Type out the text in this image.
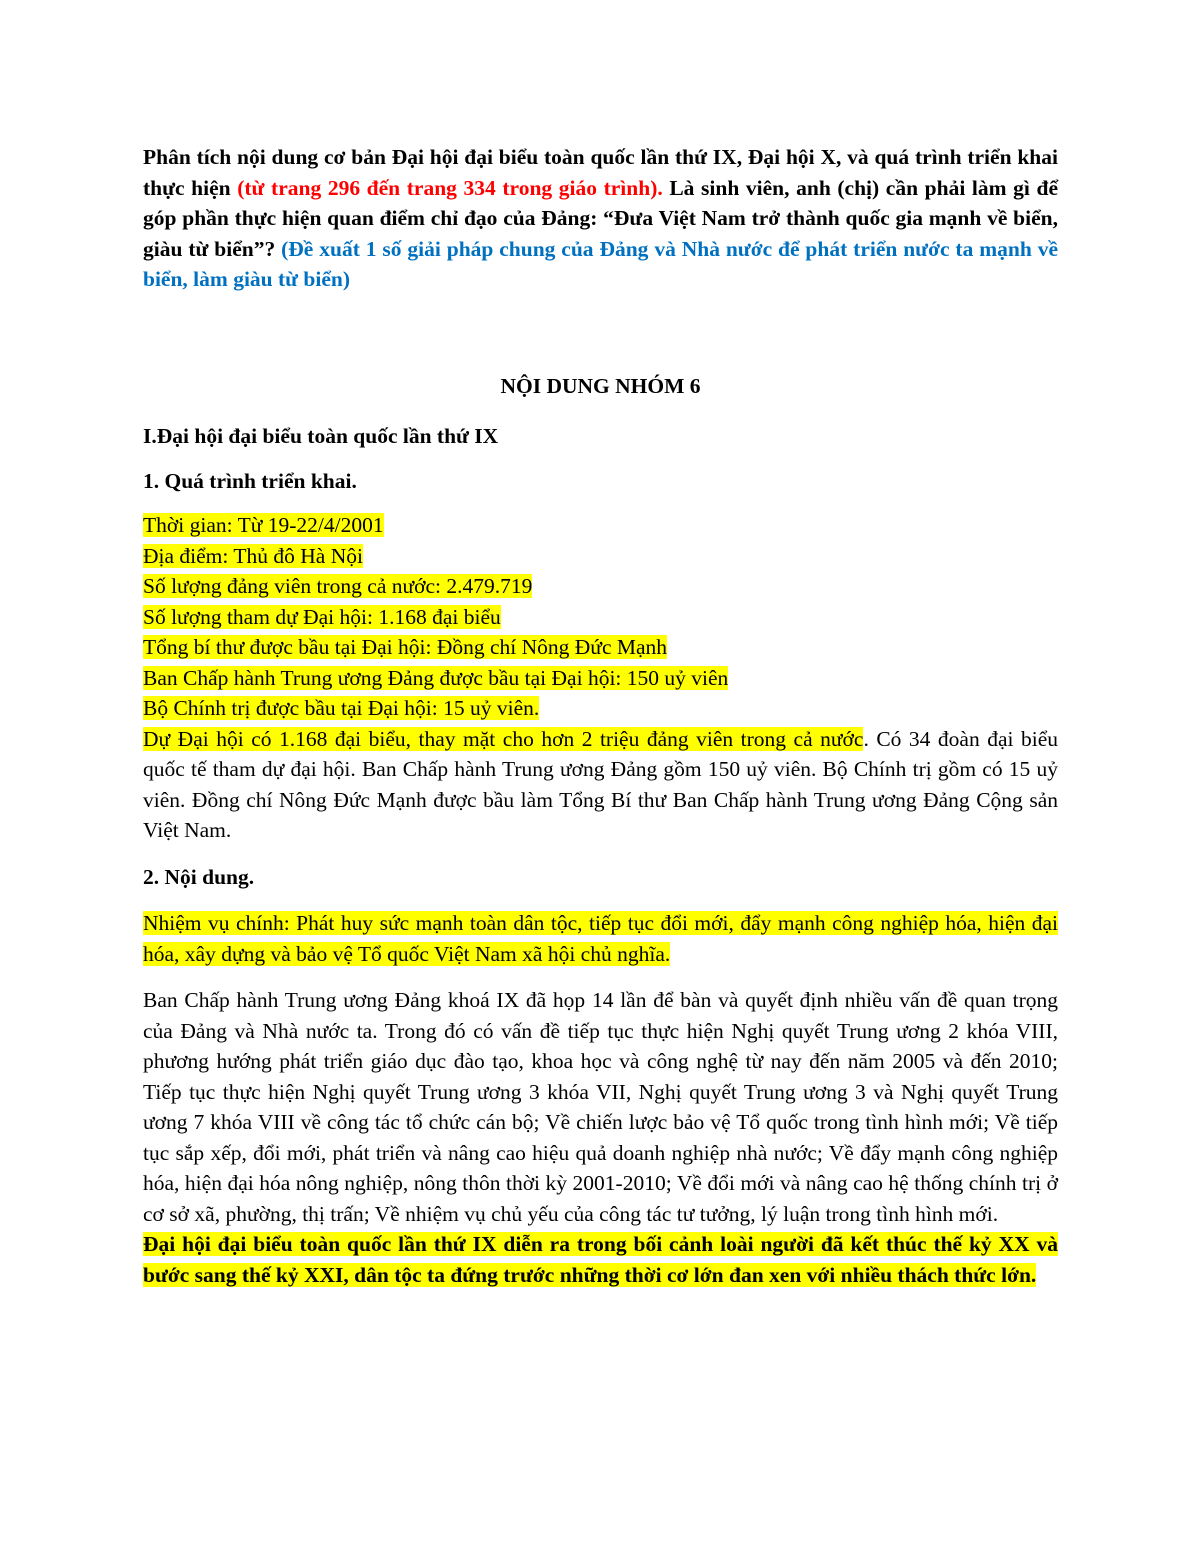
Phân tích nội dung cơ bản Đại hội đại biểu toàn quốc lần thứ IX, Đại hội X, và quá trình triển khai thực hiện (từ trang 296 đến trang 334 trong giáo trình). Là sinh viên, anh (chị) cần phải làm gì để góp phần thực hiện quan điểm chỉ đạo của Đảng: “Đưa Việt Nam trở thành quốc gia mạnh về biển, giàu từ biển”? (Đề xuất 1 số giải pháp chung của Đảng và Nhà nước để phát triển nước ta mạnh về biển, làm giàu từ biển)

NỘI DUNG NHÓM 6

I.Đại hội đại biểu toàn quốc lần thứ IX

1. Quá trình triển khai.

Thời gian: Từ 19-22/4/2001
Địa điểm: Thủ đô Hà Nội
Số lượng đảng viên trong cả nước: 2.479.719
Số lượng tham dự Đại hội: 1.168 đại biểu
Tổng bí thư được bầu tại Đại hội: Đồng chí Nông Đức Mạnh
Ban Chấp hành Trung ương Đảng được bầu tại Đại hội: 150 uỷ viên
Bộ Chính trị được bầu tại Đại hội: 15 uỷ viên.

Dự Đại hội có 1.168 đại biểu, thay mặt cho hơn 2 triệu đảng viên trong cả nước. Có 34 đoàn đại biểu quốc tế tham dự đại hội. Ban Chấp hành Trung ương Đảng gồm 150 uỷ viên. Bộ Chính trị gồm có 15 uỷ viên. Đồng chí Nông Đức Mạnh được bầu làm Tổng Bí thư Ban Chấp hành Trung ương Đảng Cộng sản Việt Nam.

2. Nội dung.

Nhiệm vụ chính: Phát huy sức mạnh toàn dân tộc, tiếp tục đổi mới, đẩy mạnh công nghiệp hóa, hiện đại hóa, xây dựng và bảo vệ Tổ quốc Việt Nam xã hội chủ nghĩa.

Ban Chấp hành Trung ương Đảng khoá IX đã họp 14 lần để bàn và quyết định nhiều vấn đề quan trọng của Đảng và Nhà nước ta. Trong đó có vấn đề tiếp tục thực hiện Nghị quyết Trung ương 2 khóa VIII, phương hướng phát triển giáo dục đào tạo, khoa học và công nghệ từ nay đến năm 2005 và đến 2010; Tiếp tục thực hiện Nghị quyết Trung ương 3 khóa VII, Nghị quyết Trung ương 3 và Nghị quyết Trung ương 7 khóa VIII về công tác tổ chức cán bộ; Về chiến lược bảo vệ Tổ quốc trong tình hình mới; Về tiếp tục sắp xếp, đổi mới, phát triển và nâng cao hiệu quả doanh nghiệp nhà nước; Về đẩy mạnh công nghiệp hóa, hiện đại hóa nông nghiệp, nông thôn thời kỳ 2001-2010; Về đổi mới và nâng cao hệ thống chính trị ở cơ sở xã, phường, thị trấn; Về nhiệm vụ chủ yếu của công tác tư tưởng, lý luận trong tình hình mới.

Đại hội đại biểu toàn quốc lần thứ IX diễn ra trong bối cảnh loài người đã kết thúc thế kỷ XX và bước sang thế kỷ XXI, dân tộc ta đứng trước những thời cơ lớn đan xen với nhiều thách thức lớn.
